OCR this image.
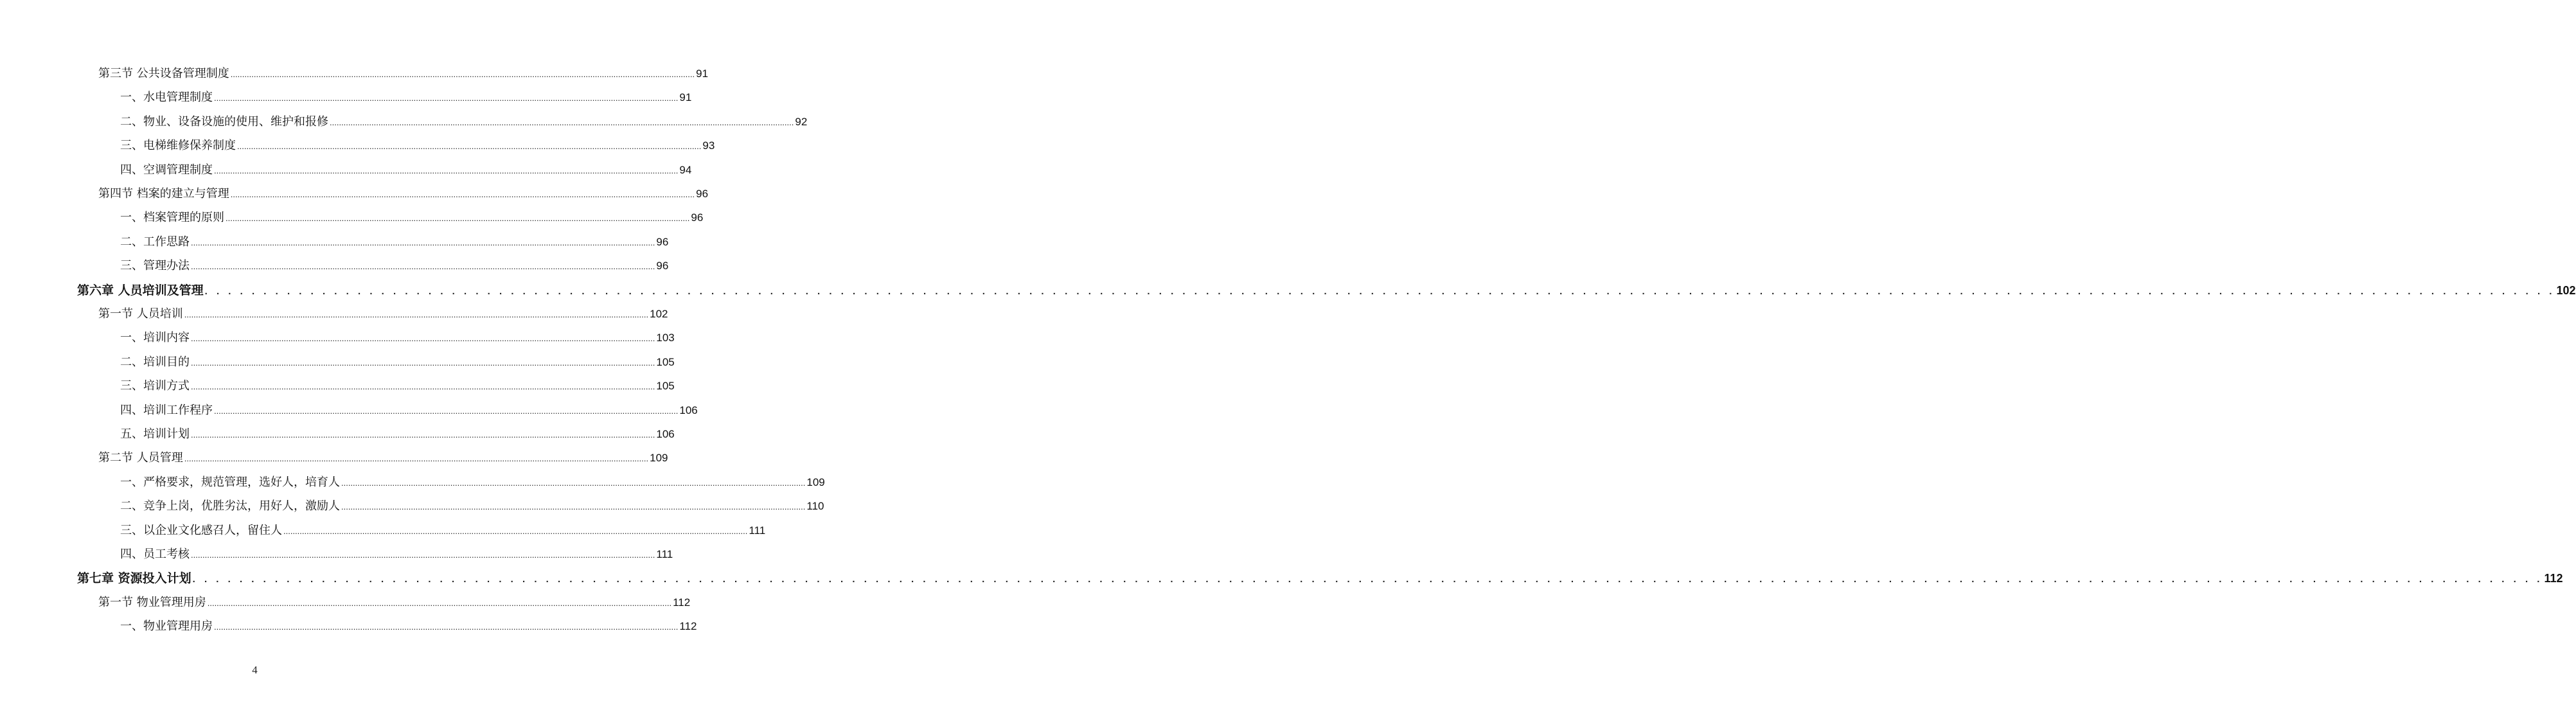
第三节 公共设备管理制度 ........................................................................................................................................................................................................ 91
一、水电管理制度 ........................................................................................................................................................................................................ 91
二、物业、设备设施的使用、维护和报修 ........................................................................................................................................................................................................ 92
三、电梯维修保养制度 ........................................................................................................................................................................................................ 93
四、空调管理制度 ........................................................................................................................................................................................................ 94
第四节 档案的建立与管理 ........................................................................................................................................................................................................ 96
一、档案管理的原则 ........................................................................................................................................................................................................ 96
二、工作思路 ........................................................................................................................................................................................................ 96
三、管理办法 ........................................................................................................................................................................................................ 96
第六章 人员培训及管理 . . . . . . . . . . . . . . . . . . . . . . . . . . . . . . . . . . . . . . . . . . . . . . . . . . . . . . . . . . . . . . . . . . . . . . . . . . . . . . . . . . . . . . . . . . . . . . . . . . . . . . . . . . . . . . . . . . . . . . . . . . . . . . . . . . . . . . . . . . . . . . . . . . . . . . . . . . . . . . . . . . . . . . . . . . . . . . . . . . . . . . . . . . . . . . . . . . . . . . . . 102
第一节 人员培训 ........................................................................................................................................................................................................ 102
一、培训内容 ........................................................................................................................................................................................................ 103
二、培训目的 ........................................................................................................................................................................................................ 105
三、培训方式 ........................................................................................................................................................................................................ 105
四、培训工作程序 ........................................................................................................................................................................................................ 106
五、培训计划 ........................................................................................................................................................................................................ 106
第二节 人员管理 ........................................................................................................................................................................................................ 109
一、严格要求，规范管理，选好人，培育人 ........................................................................................................................................................................................................ 109
二、竞争上岗，优胜劣汰，用好人，激励人 ........................................................................................................................................................................................................ 110
三、以企业文化感召人，留住人 ........................................................................................................................................................................................................ 111
四、员工考核 ........................................................................................................................................................................................................ 111
第七章 资源投入计划 . . . . . . . . . . . . . . . . . . . . . . . . . . . . . . . . . . . . . . . . . . . . . . . . . . . . . . . . . . . . . . . . . . . . . . . . . . . . . . . . . . . . . . . . . . . . . . . . . . . . . . . . . . . . . . . . . . . . . . . . . . . . . . . . . . . . . . . . . . . . . . . . . . . . . . . . . . . . . . . . . . . . . . . . . . . . . . . . . . . . . . . . . . . . . . . . . . . . . . . . 112
第一节 物业管理用房 ........................................................................................................................................................................................................ 112
一、物业管理用房 ........................................................................................................................................................................................................ 112
4
